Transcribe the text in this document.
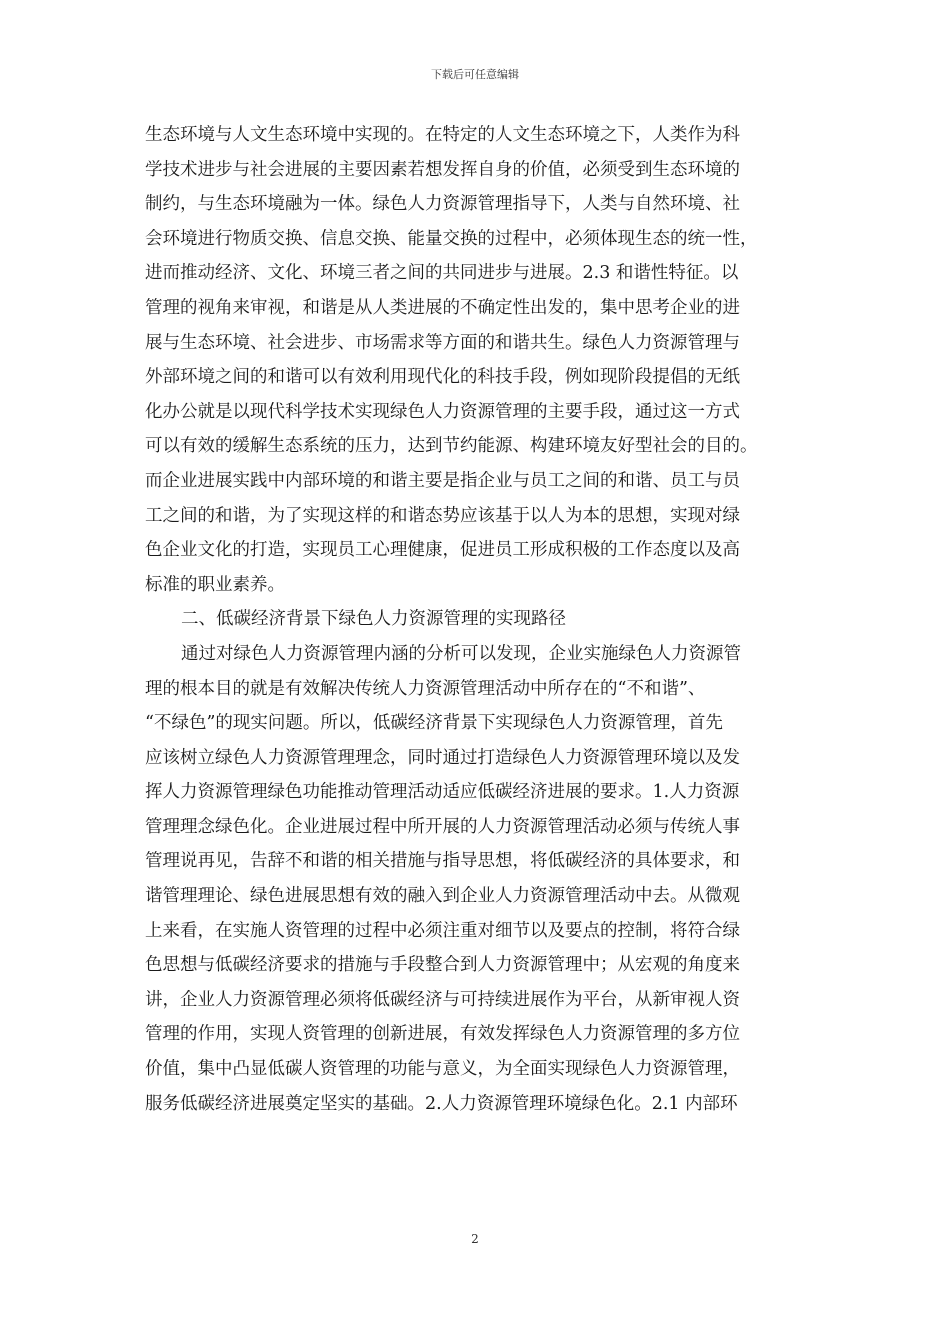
下载后可任意编辑
生态环境与人文生态环境中实现的。在特定的人文生态环境之下，人类作为科
学技术进步与社会进展的主要因素若想发挥自身的价值，必须受到生态环境的
制约，与生态环境融为一体。绿色人力资源管理指导下，人类与自然环境、社
会环境进行物质交换、信息交换、能量交换的过程中，必须体现生态的统一性，
进而推动经济、文化、环境三者之间的共同进步与进展。2.3 和谐性特征。以
管理的视角来审视，和谐是从人类进展的不确定性出发的，集中思考企业的进
展与生态环境、社会进步、市场需求等方面的和谐共生。绿色人力资源管理与
外部环境之间的和谐可以有效利用现代化的科技手段，例如现阶段提倡的无纸
化办公就是以现代科学技术实现绿色人力资源管理的主要手段，通过这一方式
可以有效的缓解生态系统的压力，达到节约能源、构建环境友好型社会的目的。
而企业进展实践中内部环境的和谐主要是指企业与员工之间的和谐、员工与员
工之间的和谐，为了实现这样的和谐态势应该基于以人为本的思想，实现对绿
色企业文化的打造，实现员工心理健康，促进员工形成积极的工作态度以及高
标准的职业素养。
二、低碳经济背景下绿色人力资源管理的实现路径
通过对绿色人力资源管理内涵的分析可以发现，企业实施绿色人力资源管
理的根本目的就是有效解决传统人力资源管理活动中所存在的“不和谐”、
“不绿色”的现实问题。所以，低碳经济背景下实现绿色人力资源管理，首先
应该树立绿色人力资源管理理念，同时通过打造绿色人力资源管理环境以及发
挥人力资源管理绿色功能推动管理活动适应低碳经济进展的要求。1.人力资源
管理理念绿色化。企业进展过程中所开展的人力资源管理活动必须与传统人事
管理说再见，告辞不和谐的相关措施与指导思想，将低碳经济的具体要求，和
谐管理理论、绿色进展思想有效的融入到企业人力资源管理活动中去。从微观
上来看，在实施人资管理的过程中必须注重对细节以及要点的控制，将符合绿
色思想与低碳经济要求的措施与手段整合到人力资源管理中；从宏观的角度来
讲，企业人力资源管理必须将低碳经济与可持续进展作为平台，从新审视人资
管理的作用，实现人资管理的创新进展，有效发挥绿色人力资源管理的多方位
价值，集中凸显低碳人资管理的功能与意义，为全面实现绿色人力资源管理，
服务低碳经济进展奠定坚实的基础。2.人力资源管理环境绿色化。2.1 内部环
2
